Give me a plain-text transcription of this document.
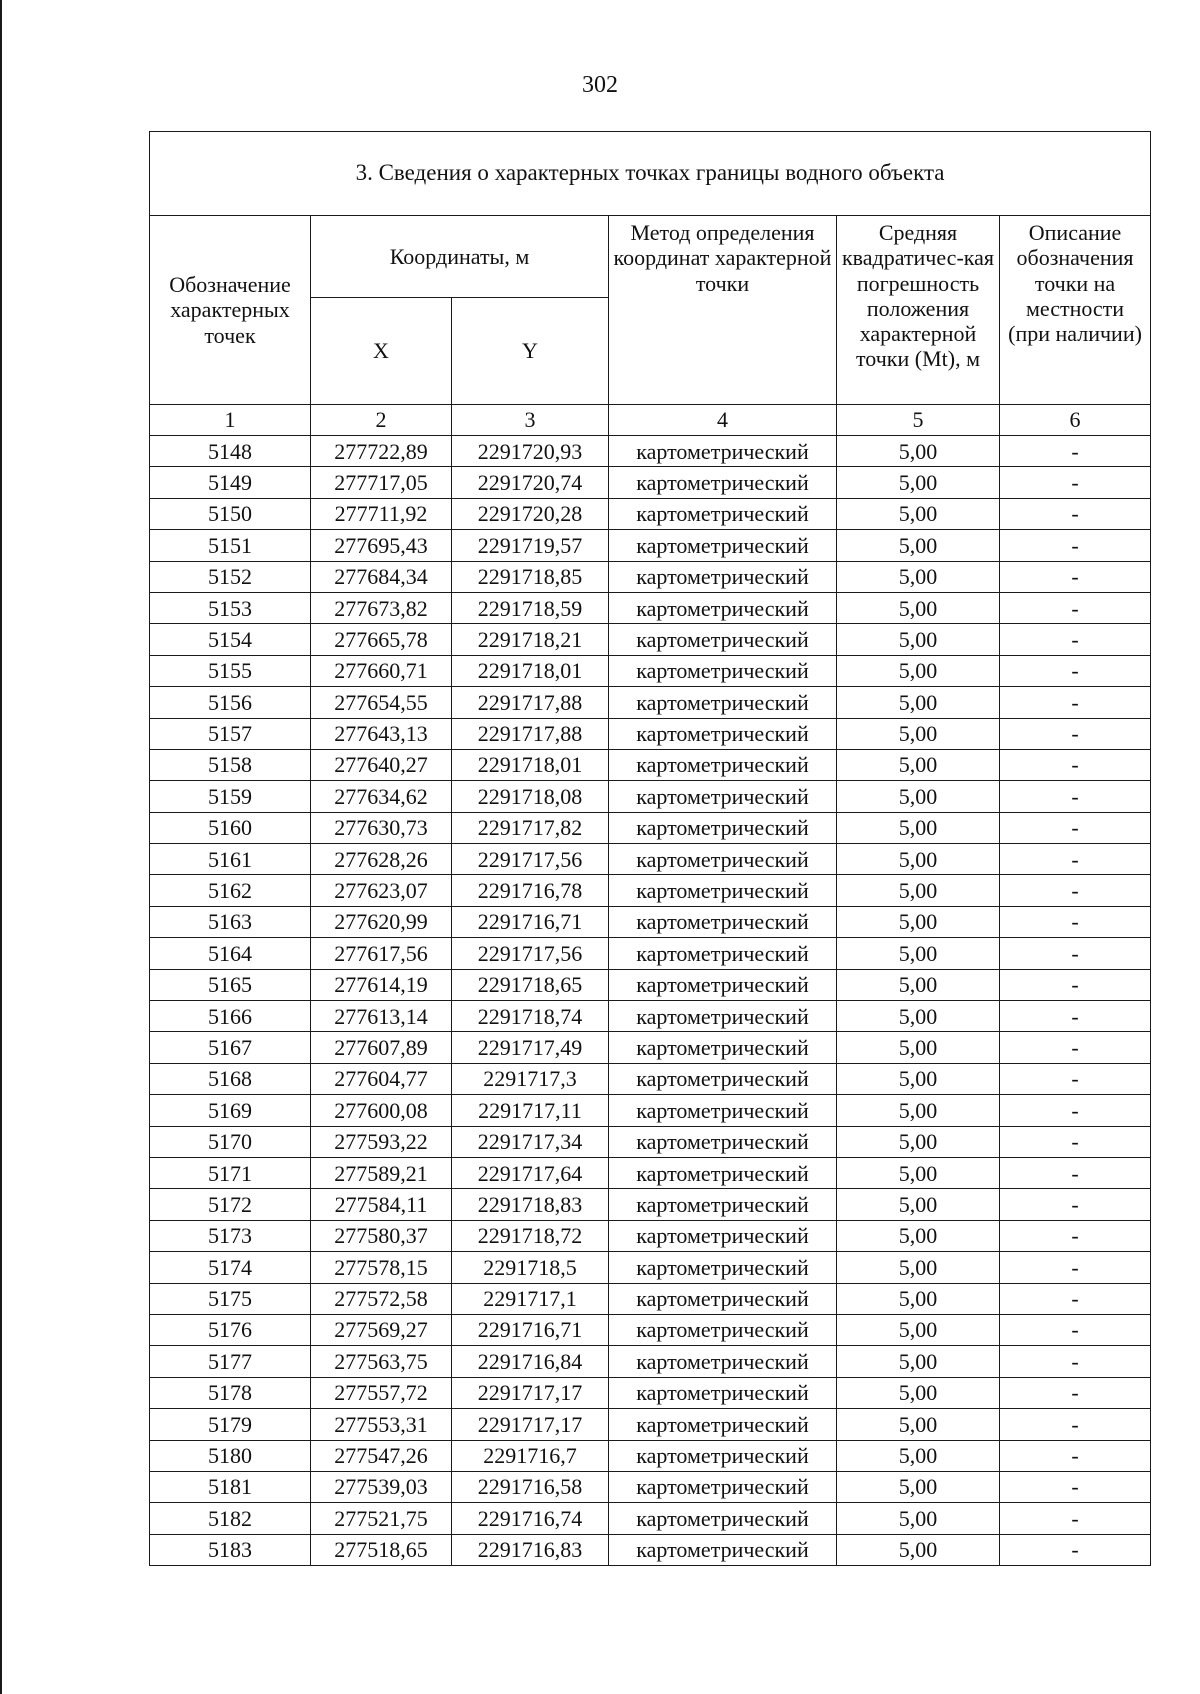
302
3. Сведения о характерных точках границы водного объекта					
Обозначение характерных точек	Координаты, м		Метод определения координат характерной точки	Средняя квадратичес-кая погрешность положения характерной точки (Mt), м	Описание обозначения точки на местности (при наличии)
	X	Y			
1	2	3	4	5	6
5148	277722,89	2291720,93	картометрический	5,00	-
5149	277717,05	2291720,74	картометрический	5,00	-
5150	277711,92	2291720,28	картометрический	5,00	-
5151	277695,43	2291719,57	картометрический	5,00	-
5152	277684,34	2291718,85	картометрический	5,00	-
5153	277673,82	2291718,59	картометрический	5,00	-
5154	277665,78	2291718,21	картометрический	5,00	-
5155	277660,71	2291718,01	картометрический	5,00	-
5156	277654,55	2291717,88	картометрический	5,00	-
5157	277643,13	2291717,88	картометрический	5,00	-
5158	277640,27	2291718,01	картометрический	5,00	-
5159	277634,62	2291718,08	картометрический	5,00	-
5160	277630,73	2291717,82	картометрический	5,00	-
5161	277628,26	2291717,56	картометрический	5,00	-
5162	277623,07	2291716,78	картометрический	5,00	-
5163	277620,99	2291716,71	картометрический	5,00	-
5164	277617,56	2291717,56	картометрический	5,00	-
5165	277614,19	2291718,65	картометрический	5,00	-
5166	277613,14	2291718,74	картометрический	5,00	-
5167	277607,89	2291717,49	картометрический	5,00	-
5168	277604,77	2291717,3	картометрический	5,00	-
5169	277600,08	2291717,11	картометрический	5,00	-
5170	277593,22	2291717,34	картометрический	5,00	-
5171	277589,21	2291717,64	картометрический	5,00	-
5172	277584,11	2291718,83	картометрический	5,00	-
5173	277580,37	2291718,72	картометрический	5,00	-
5174	277578,15	2291718,5	картометрический	5,00	-
5175	277572,58	2291717,1	картометрический	5,00	-
5176	277569,27	2291716,71	картометрический	5,00	-
5177	277563,75	2291716,84	картометрический	5,00	-
5178	277557,72	2291717,17	картометрический	5,00	-
5179	277553,31	2291717,17	картометрический	5,00	-
5180	277547,26	2291716,7	картометрический	5,00	-
5181	277539,03	2291716,58	картометрический	5,00	-
5182	277521,75	2291716,74	картометрический	5,00	-
5183	277518,65	2291716,83	картометрический	5,00	-
